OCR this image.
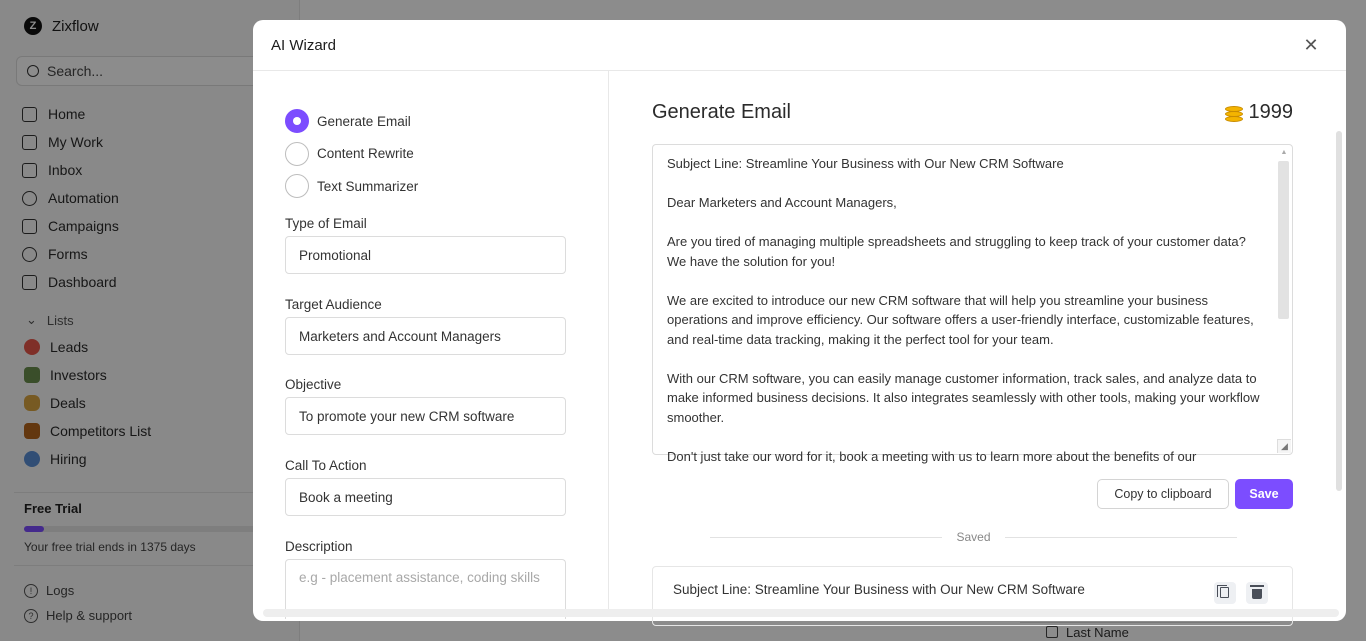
Z	Zixflow
Search...
Home
My Work
Inbox
Automation
Campaigns
Forms
Dashboard
⌄ Lists
Leads
Investors
Deals
Competitors List
Hiring
Free Trial
Your free trial ends in 1375 days
!	Logs
? Help & support
Last Name
AI Wizard	✕
Generate Email
Content Rewrite
Text Summarizer
Type of Email
Promotional
Target Audience
Marketers and Account Managers
Objective
To promote your new CRM software
Call To Action
Book a meeting
Description
e.g - placement assistance, coding skills
Generate Email	1999

Subject Line: Streamline Your Business with Our New CRM Software

Dear Marketers and Account Managers,

Are you tired of managing multiple spreadsheets and struggling to keep track of your customer data? We have the solution for you!

We are excited to introduce our new CRM software that will help you streamline your business operations and improve efficiency. Our software offers a user-friendly interface, customizable features, and real-time data tracking, making it the perfect tool for your team.

With our CRM software, you can easily manage customer information, track sales, and analyze data to make informed business decisions. It also integrates seamlessly with other tools, making your workflow smoother.

Don't just take our word for it, book a meeting with us to learn more about the benefits of our

▲
◢
Copy to clipboard	Save
Saved
Subject Line: Streamline Your Business with Our New CRM Software
